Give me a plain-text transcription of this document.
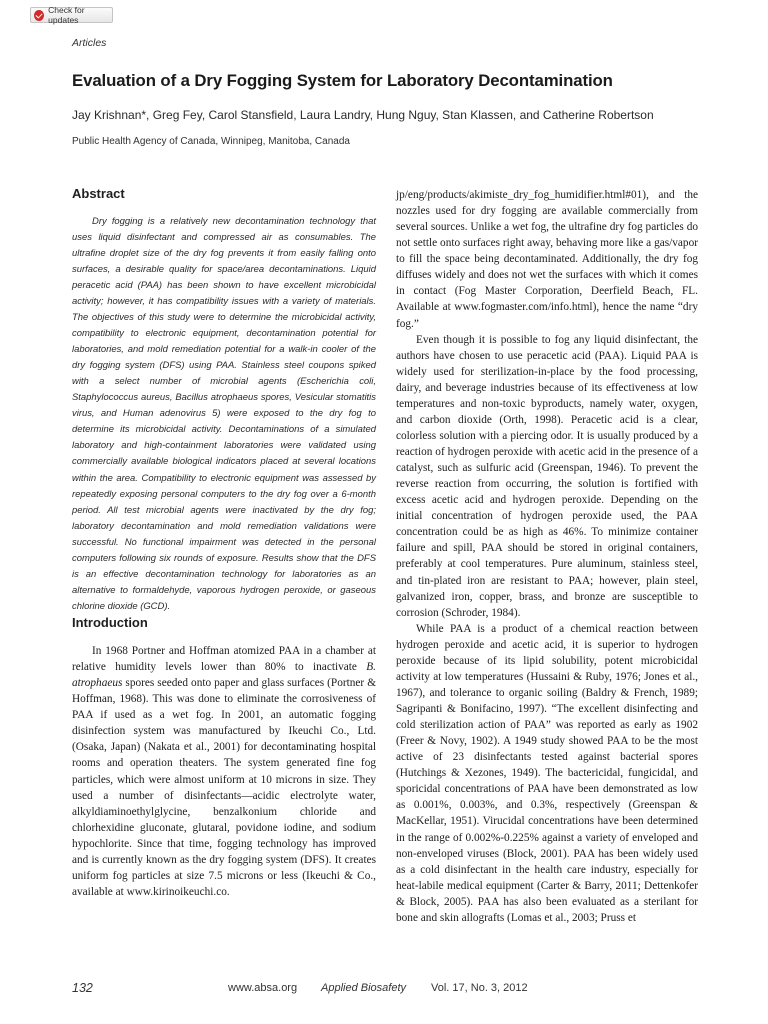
Check for updates
Articles
Evaluation of a Dry Fogging System for Laboratory Decontamination
Jay Krishnan*, Greg Fey, Carol Stansfield, Laura Landry, Hung Nguy, Stan Klassen, and Catherine Robertson
Public Health Agency of Canada, Winnipeg, Manitoba, Canada
Abstract

Dry fogging is a relatively new decontamination technology that uses liquid disinfectant and compressed air as consumables. The ultrafine droplet size of the dry fog prevents it from easily falling onto surfaces, a desirable quality for space/area decontaminations. Liquid peracetic acid (PAA) has been shown to have excellent microbicidal activity; however, it has compatibility issues with a variety of materials. The objectives of this study were to determine the microbicidal activity, compatibility to electronic equipment, decontamination potential for laboratories, and mold remediation potential for a walk-in cooler of the dry fogging system (DFS) using PAA. Stainless steel coupons spiked with a select number of microbial agents (Escherichia coli, Staphylococcus aureus, Bacillus atrophaeus spores, Vesicular stomatitis virus, and Human adenovirus 5) were exposed to the dry fog to determine its microbicidal activity. Decontaminations of a simulated laboratory and high-containment laboratories were validated using commercially available biological indicators placed at several locations within the area. Compatibility to electronic equipment was assessed by repeatedly exposing personal computers to the dry fog over a 6-month period. All test microbial agents were inactivated by the dry fog; laboratory decontamination and mold remediation validations were successful. No functional impairment was detected in the personal computers following six rounds of exposure. Results show that the DFS is an effective decontamination technology for laboratories as an alternative to formaldehyde, vaporous hydrogen peroxide, or gaseous chlorine dioxide (GCD).

Introduction

In 1968 Portner and Hoffman atomized PAA in a chamber at relative humidity levels lower than 80% to inactivate B. atrophaeus spores seeded onto paper and glass surfaces (Portner & Hoffman, 1968). This was done to eliminate the corrosiveness of PAA if used as a wet fog. In 2001, an automatic fogging disinfection system was manufactured by Ikeuchi Co., Ltd. (Osaka, Japan) (Nakata et al., 2001) for decontaminating hospital rooms and operation theaters. The system generated fine fog particles, which were almost uniform at 10 microns in size. They used a number of disinfectants—acidic electrolyte water, alkyldiaminoethylglycine, benzalkonium chloride and chlorhexidine gluconate, glutaral, povidone iodine, and sodium hypochlorite. Since that time, fogging technology has improved and is currently known as the dry fogging system (DFS). It creates uniform fog particles at size 7.5 microns or less (Ikeuchi & Co., available at www.kirinoikeuchi.co.

jp/eng/products/akimiste_dry_fog_humidifier.html#01), and the nozzles used for dry fogging are available commercially from several sources. Unlike a wet fog, the ultrafine dry fog particles do not settle onto surfaces right away, behaving more like a gas/vapor to fill the space being decontaminated. Additionally, the dry fog diffuses widely and does not wet the surfaces with which it comes in contact (Fog Master Corporation, Deerfield Beach, FL. Available at www.fogmaster.com/info.html), hence the name “dry fog.”

Even though it is possible to fog any liquid disinfectant, the authors have chosen to use peracetic acid (PAA). Liquid PAA is widely used for sterilization-in-place by the food processing, dairy, and beverage industries because of its effectiveness at low temperatures and non-toxic byproducts, namely water, oxygen, and carbon dioxide (Orth, 1998). Peracetic acid is a clear, colorless solution with a piercing odor. It is usually produced by a reaction of hydrogen peroxide with acetic acid in the presence of a catalyst, such as sulfuric acid (Greenspan, 1946). To prevent the reverse reaction from occurring, the solution is fortified with excess acetic acid and hydrogen peroxide. Depending on the initial concentration of hydrogen peroxide used, the PAA concentration could be as high as 46%. To minimize container failure and spill, PAA should be stored in original containers, preferably at cool temperatures. Pure aluminum, stainless steel, and tin-plated iron are resistant to PAA; however, plain steel, galvanized iron, copper, brass, and bronze are susceptible to corrosion (Schroder, 1984).

While PAA is a product of a chemical reaction between hydrogen peroxide and acetic acid, it is superior to hydrogen peroxide because of its lipid solubility, potent microbicidal activity at low temperatures (Hussaini & Ruby, 1976; Jones et al., 1967), and tolerance to organic soiling (Baldry & French, 1989; Sagripanti & Bonifacino, 1997). “The excellent disinfecting and cold sterilization action of PAA” was reported as early as 1902 (Freer & Novy, 1902). A 1949 study showed PAA to be the most active of 23 disinfectants tested against bacterial spores (Hutchings & Xezones, 1949). The bactericidal, fungicidal, and sporicidal concentrations of PAA have been demonstrated as low as 0.001%, 0.003%, and 0.3%, respectively (Greenspan & MacKellar, 1951). Virucidal concentrations have been determined in the range of 0.002%-0.225% against a variety of enveloped and non-enveloped viruses (Block, 2001). PAA has been widely used as a cold disinfectant in the health care industry, especially for heat-labile medical equipment (Carter & Barry, 2011; Dettenkofer & Block, 2005). PAA has also been evaluated as a sterilant for bone and skin allografts (Lomas et al., 2003; Pruss et

132	www.absa.org Applied Biosafety Vol. 17, No. 3, 2012
